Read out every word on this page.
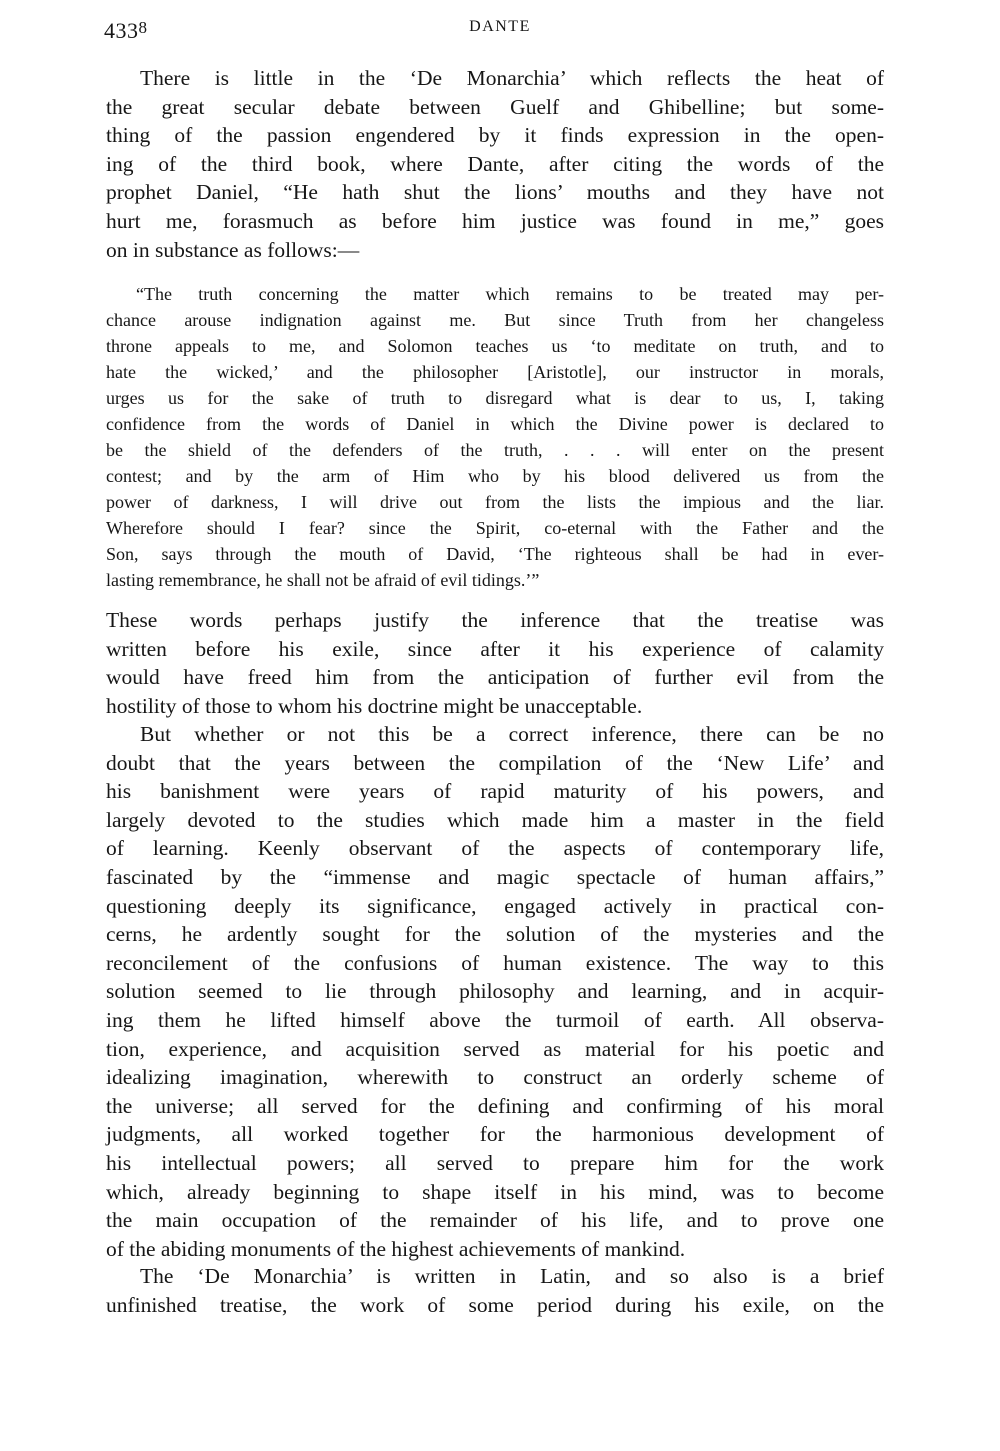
$433^8$	DANTE
There is little in the ‘De Monarchia’ which reflects the heat of
the great secular debate between Guelf and Ghibelline; but some-
thing of the passion engendered by it finds expression in the open-
ing of the third book, where Dante, after citing the words of the
prophet Daniel, “He hath shut the lions’ mouths and they have not
hurt me, forasmuch as before him justice was found in me,” goes
on in substance as follows:—
“The truth concerning the matter which remains to be treated may per-
chance arouse indignation against me. But since Truth from her changeless
throne appeals to me, and Solomon teaches us ‘to meditate on truth, and to
hate the wicked,’ and the philosopher [Aristotle], our instructor in morals,
urges us for the sake of truth to disregard what is dear to us, I, taking
confidence from the words of Daniel in which the Divine power is declared to
be the shield of the defenders of the truth, . . . will enter on the present
contest; and by the arm of Him who by his blood delivered us from the
power of darkness, I will drive out from the lists the impious and the liar.
Wherefore should I fear? since the Spirit, co-eternal with the Father and the
Son, says through the mouth of David, ‘The righteous shall be had in ever-
lasting remembrance, he shall not be afraid of evil tidings.’”
These words perhaps justify the inference that the treatise was
written before his exile, since after it his experience of calamity
would have freed him from the anticipation of further evil from the
hostility of those to whom his doctrine might be unacceptable.
But whether or not this be a correct inference, there can be no
doubt that the years between the compilation of the ‘New Life’ and
his banishment were years of rapid maturity of his powers, and
largely devoted to the studies which made him a master in the field
of learning. Keenly observant of the aspects of contemporary life,
fascinated by the “immense and magic spectacle of human affairs,”
questioning deeply its significance, engaged actively in practical con-
cerns, he ardently sought for the solution of the mysteries and the
reconcilement of the confusions of human existence. The way to this
solution seemed to lie through philosophy and learning, and in acquir-
ing them he lifted himself above the turmoil of earth. All observa-
tion, experience, and acquisition served as material for his poetic and
idealizing imagination, wherewith to construct an orderly scheme of
the universe; all served for the defining and confirming of his moral
judgments, all worked together for the harmonious development of
his intellectual powers; all served to prepare him for the work
which, already beginning to shape itself in his mind, was to become
the main occupation of the remainder of his life, and to prove one
of the abiding monuments of the highest achievements of mankind.
The ‘De Monarchia’ is written in Latin, and so also is a brief
unfinished treatise, the work of some period during his exile, on the
